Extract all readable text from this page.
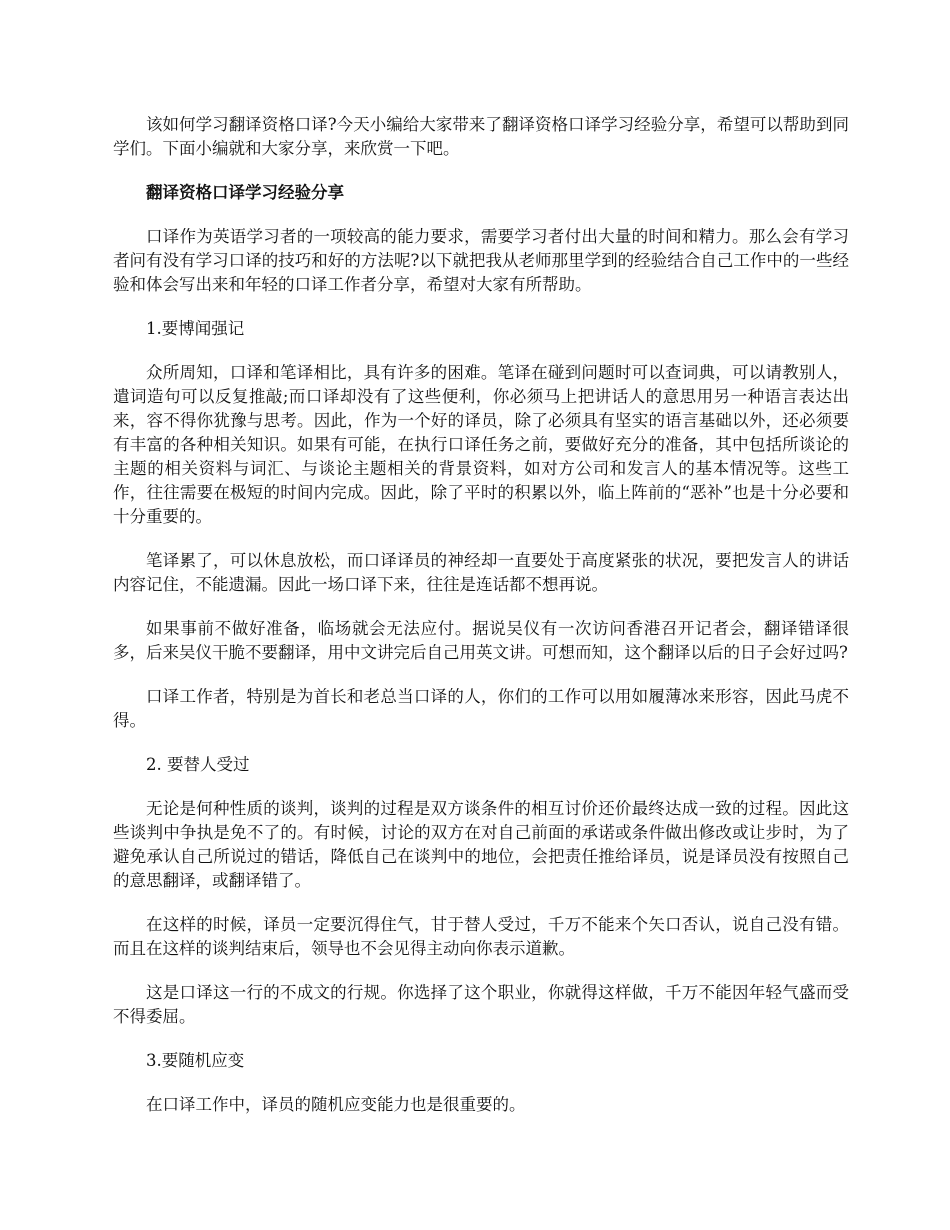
该如何学习翻译资格口译?今天小编给大家带来了翻译资格口译学习经验分享，希望可以帮助到同学们。下面小编就和大家分享，来欣赏一下吧。

翻译资格口译学习经验分享

口译作为英语学习者的一项较高的能力要求，需要学习者付出大量的时间和精力。那么会有学习者问有没有学习口译的技巧和好的方法呢?以下就把我从老师那里学到的经验结合自己工作中的一些经验和体会写出来和年轻的口译工作者分享，希望对大家有所帮助。

1.要博闻强记

众所周知，口译和笔译相比，具有许多的困难。笔译在碰到问题时可以查词典，可以请教别人，遣词造句可以反复推敲;而口译却没有了这些便利，你必须马上把讲话人的意思用另一种语言表达出来，容不得你犹豫与思考。因此，作为一个好的译员，除了必须具有坚实的语言基础以外，还必须要有丰富的各种相关知识。如果有可能，在执行口译任务之前，要做好充分的准备，其中包括所谈论的主题的相关资料与词汇、与谈论主题相关的背景资料，如对方公司和发言人的基本情况等。这些工作，往往需要在极短的时间内完成。因此，除了平时的积累以外，临上阵前的“恶补”也是十分必要和十分重要的。

笔译累了，可以休息放松，而口译译员的神经却一直要处于高度紧张的状况，要把发言人的讲话内容记住，不能遗漏。因此一场口译下来，往往是连话都不想再说。

如果事前不做好准备，临场就会无法应付。据说吴仪有一次访问香港召开记者会，翻译错译很多，后来吴仪干脆不要翻译，用中文讲完后自己用英文讲。可想而知，这个翻译以后的日子会好过吗?

口译工作者，特别是为首长和老总当口译的人，你们的工作可以用如履薄冰来形容，因此马虎不得。

2. 要替人受过

无论是何种性质的谈判，谈判的过程是双方谈条件的相互讨价还价最终达成一致的过程。因此这些谈判中争执是免不了的。有时候，讨论的双方在对自己前面的承诺或条件做出修改或让步时，为了避免承认自己所说过的错话，降低自己在谈判中的地位，会把责任推给译员，说是译员没有按照自己的意思翻译，或翻译错了。

在这样的时候，译员一定要沉得住气，甘于替人受过，千万不能来个矢口否认，说自己没有错。而且在这样的谈判结束后，领导也不会见得主动向你表示道歉。

这是口译这一行的不成文的行规。你选择了这个职业，你就得这样做，千万不能因年轻气盛而受不得委屈。

3.要随机应变

在口译工作中，译员的随机应变能力也是很重要的。
